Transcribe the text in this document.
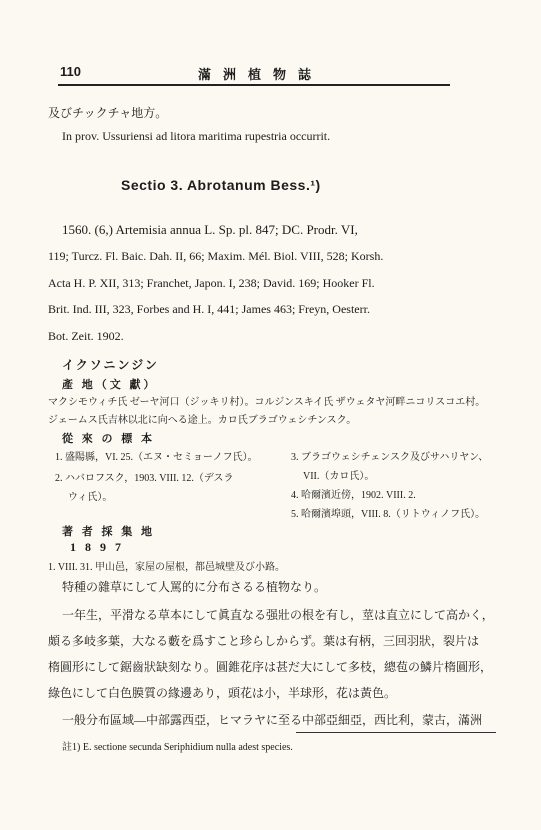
110	滿洲植物誌
及びチックチャ地方。
In prov. Ussuriensi ad litora maritima rupestria occurrit.
Sectio 3. Abrotanum Bess.¹)
1560. (6,) Artemisia annua L. Sp. pl. 847; DC. Prodr. VI,
119; Turcz. Fl. Baic. Dah. II, 66; Maxim. Mél. Biol. VIII, 528; Korsh.
Acta H. P. XII, 313; Franchet, Japon. I, 238; David. 169; Hooker Fl.
Brit. Ind. III, 323, Forbes and H. I, 441; James 463; Freyn, Oesterr.
Bot. Zeit. 1902.
イクソニンジン
產 地（文 獻）
マクシモウィチ氏 ゼーヤ河口（ジッキリ村）。コルジンスキイ氏 ザウェタヤ河畔ニコリスコエ村。
ジェームス氏吉林以北に向へる途上。カロ氏ブラゴウェシチンスク。
從 來 の 標 本
1. 盛陽縣，VI. 25.（エヌ・セミョーノフ氏）。
2. ハバロフスク，1903. VIII. 12.（デスラ
ウィ氏）。
3. ブラゴウェシチェンスク及びサハリヤン、
VII.（カロ氏）。
4. 哈爾濱近傍，1902. VIII. 2.
5. 哈爾濱埠頭，VIII. 8.（リトウィノフ氏）。
著 者 採 集 地
1897
1. VIII. 31. 甲山邑，家屋の屋根，都邑城壁及び小路。
特種の雜草にして人罵的に分布さるる植物なり。
一年生，平滑なる草本にして眞直なる强壯の根を有し，莖は直立にして高かく，
頗る多岐多葉，大なる藪を爲すこと珍らしからず。葉は有柄，三回羽狀，裂片は
楕圓形にして鋸齒狀缺刻なり。圓錐花序は甚だ大にして多枝，總苞の鱗片楕圓形，
綠色にして白色膜質の緣邊あり，頭花は小，半球形，花は黃色。
一般分布區域—中部露西亞，ヒマラヤに至る中部亞細亞，西比利，蒙古，滿洲
註1) E. sectione secunda Seriphidium nulla adest species.
